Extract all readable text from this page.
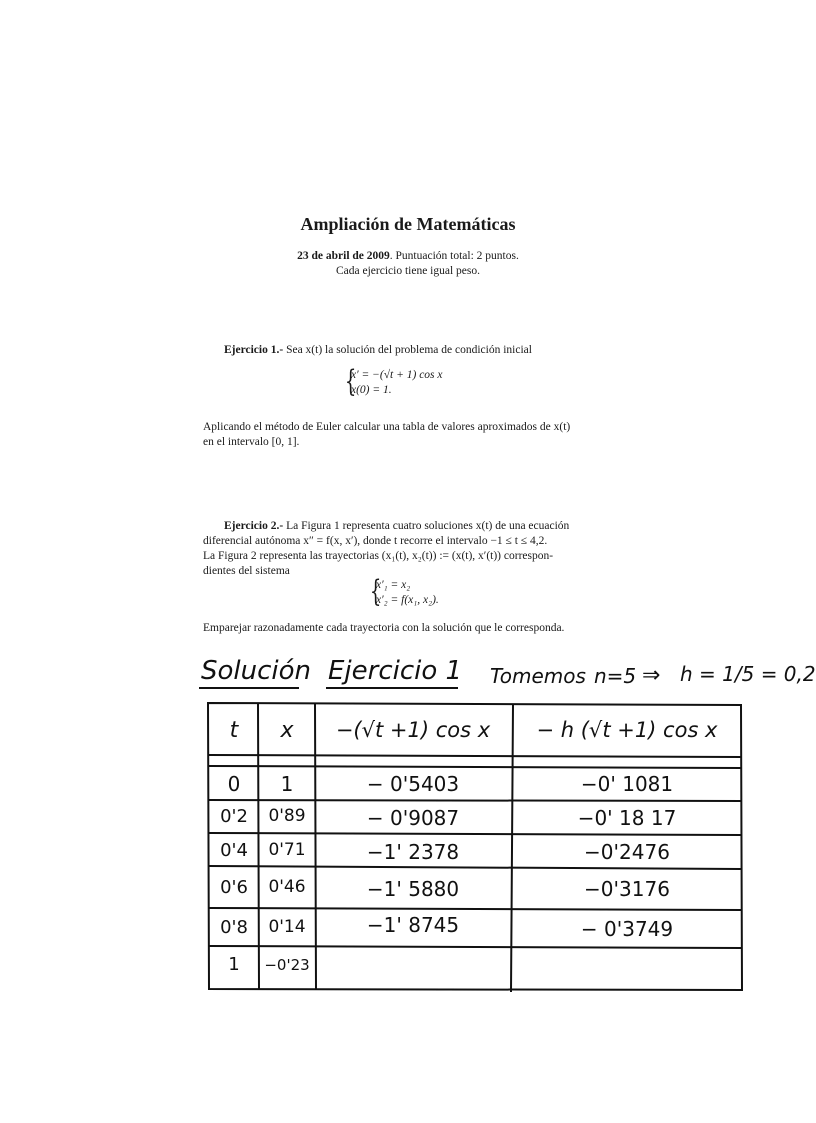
Ampliación de Matemáticas
23 de abril de 2009. Puntuación total: 2 puntos.
Cada ejercicio tiene igual peso.
Ejercicio 1.- Sea x(t) la solución del problema de condición inicial
{
x′ = −(√t + 1) cos x
x(0) = 1.
Aplicando el método de Euler calcular una tabla de valores aproximados de x(t)
en el intervalo [0, 1].
Ejercicio 2.- La Figura 1 representa cuatro soluciones x(t) de una ecuación
diferencial autónoma x″ = f(x, x′), donde t recorre el intervalo −1 ≤ t ≤ 4,2.
La Figura 2 representa las trayectorias (x₁(t), x₂(t)) := (x(t), x′(t)) correspon-
dientes del sistema
{
x′₁ = x₂
x′₂ = f(x₁, x₂).
Emparejar razonadamente cada trayectoria con la solución que le corresponda.
Solución Ejercicio 1 Tomemos n=5 ⇒ h = 1/5 = 0,2
t	x	−(√t +1) cos x	− h (√t +1) cos x
0	1	− 0'5403	−0' 1081
0'2	0'89	− 0'9087	−0' 18 17
0'4	0'71	−1' 2378	−0'2476
0'6	0'46	−1' 5880	−0'3176
0'8	0'14	−1' 8745	− 0'3749
1	−0'23
